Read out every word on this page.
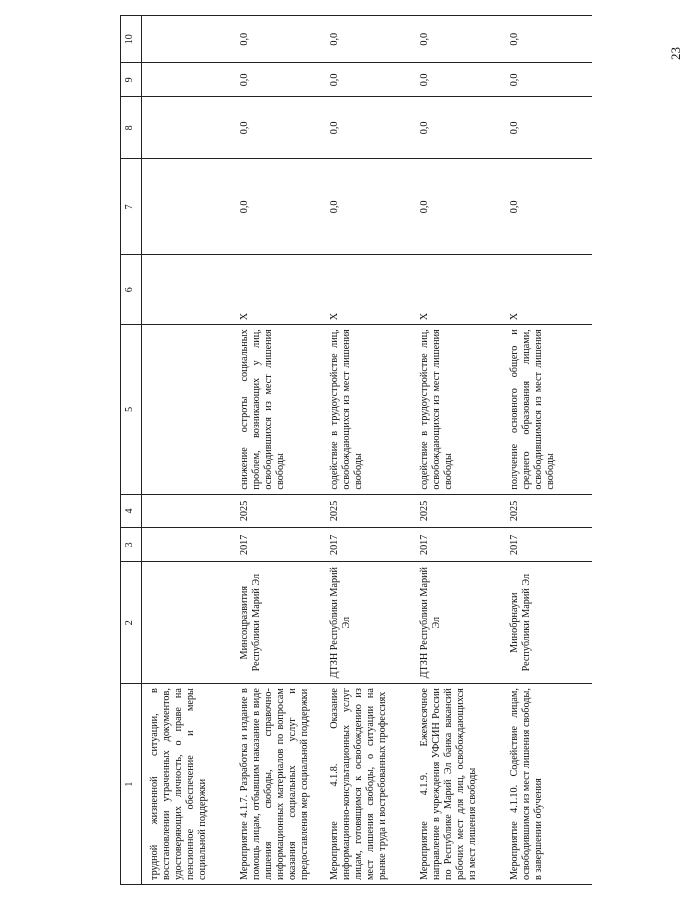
23
1	2	3	4	5	6	7	8	9	10
трудной жизненной ситуации, в восстановлении утраченных документов, удостоверяющих личность, о праве на пенсионное обеспечение и меры социальной поддержки									
Мероприятие 4.1.7. Разработка и издание в помощь лицам, отбывшим наказание в виде лишения свободы, справочно-информационных материалов по вопросам оказания социальных услуг и предоставления мер социальной поддержки	Минсоцразвития Республики Марий Эл	2017	2025	снижение остроты социальных проблем, возникающих у лиц, освободившихся из мест лишения свободы	Х	0,0	0,0	0,0	0,0
Мероприятие 4.1.8. Оказание информационно-консультационных услуг лицам, готовящимся к освобождению из мест лишения свободы, о ситуации на рынке труда и востребованных профессиях	ДТЗН Республики Марий Эл	2017	2025	содействие в трудоустройстве лиц, освобождающихся из мест лишения свободы	Х	0,0	0,0	0,0	0,0
Мероприятие 4.1.9. Ежемесячное направление в учреждения УФСИН России по Республике Марий Эл банка вакансий рабочих мест для лиц, освобождающихся из мест лишения свободы	ДТЗН Республики Марий Эл	2017	2025	содействие в трудоустройстве лиц, освобождающихся из мест лишения свободы	Х	0,0	0,0	0,0	0,0
Мероприятие 4.1.10. Содействие лицам, освободившимся из мест лишения свободы, в завершении обучения	Минобрнауки Республики Марий Эл	2017	2025	получение основного общего и среднего образования лицами, освободившимися из мест лишения свободы	Х	0,0	0,0	0,0	0,0
